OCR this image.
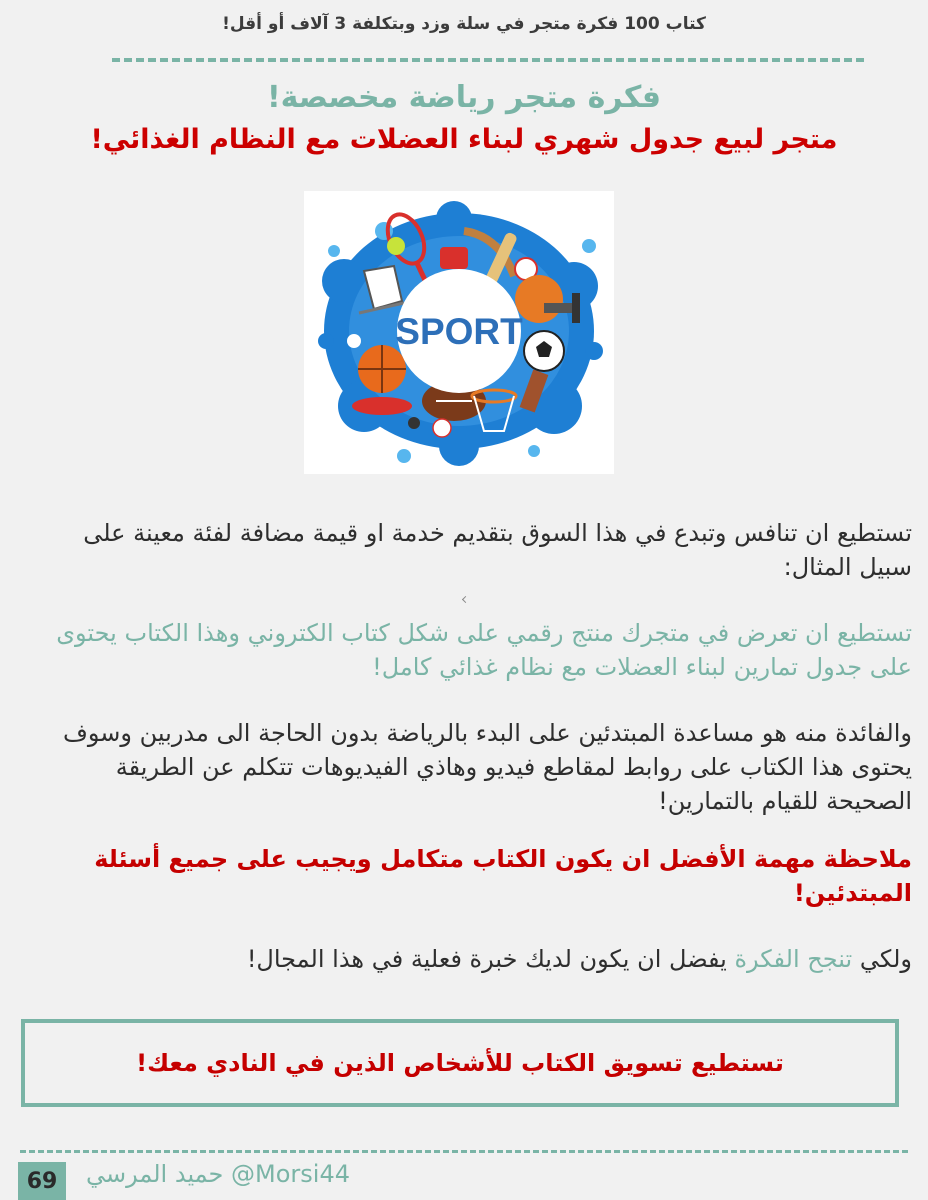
كتاب 100 فكرة متجر في سلة وزد وبتكلفة 3 آلاف أو أقل!
فكرة متجر رياضة مخصصة!
متجر لبيع جدول شهري لبناء العضلات مع النظام الغذائي!
SPORT
تستطيع ان تنافس وتبدع في هذا السوق بتقديم خدمة او قيمة مضافة لفئة معينة على سبيل المثال:
تستطيع ان تعرض في متجرك منتج رقمي على شكل كتاب الكتروني وهذا الكتاب يحتوى على جدول تمارين لبناء العضلات مع نظام غذائي كامل!
والفائدة منه هو مساعدة المبتدئين على البدء بالرياضة بدون الحاجة الى مدربين وسوف يحتوى هذا الكتاب على روابط لمقاطع فيديو وهاذي الفيديوهات تتكلم عن الطريقة الصحيحة للقيام بالتمارين!
ملاحظة مهمة الأفضل ان يكون الكتاب متكامل ويجيب على جميع أسئلة المبتدئين!
ولكي تنجح الفكرة يفضل ان يكون لديك خبرة فعلية في هذا المجال!
تستطيع تسويق الكتاب للأشخاص الذين في النادي معك!
69	حميد المرسي @Morsi44
